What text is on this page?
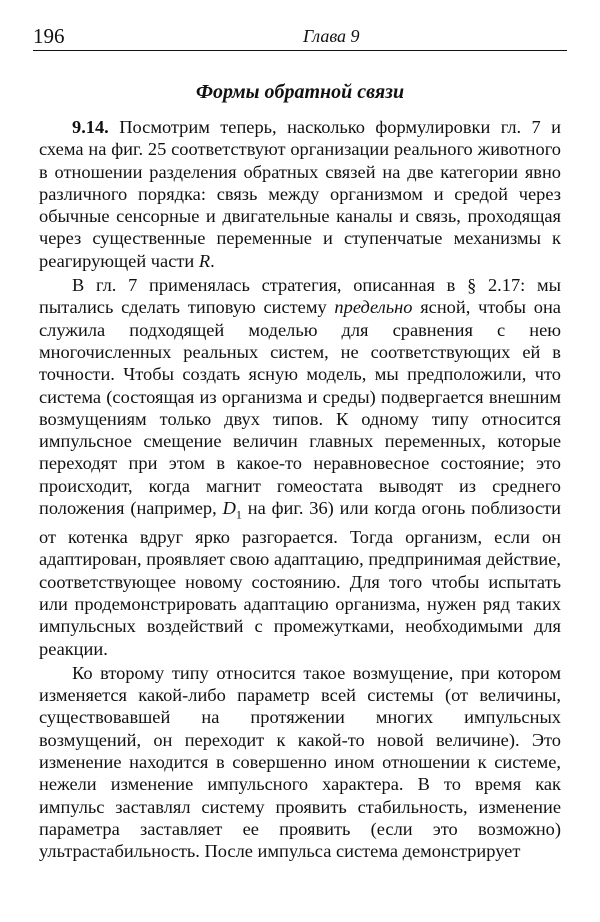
196	Глава 9
Формы обратной связи

9.14. Посмотрим теперь, насколько формулировки гл. 7 и схема на фиг. 25 соответствуют организации реального животного в отношении разделения обратных связей на две категории явно различного порядка: связь между организмом и средой через обычные сенсорные и двигательные каналы и связь, проходящая через существенные переменные и ступенчатые механизмы к реагирующей части R.

В гл. 7 применялась стратегия, описанная в § 2.17: мы пытались сделать типовую систему предельно ясной, чтобы она служила подходящей моделью для сравнения с нею многочисленных реальных систем, не соответствующих ей в точности. Чтобы создать ясную модель, мы предположили, что система (состоящая из организма и среды) подвергается внешним возмущениям только двух типов. К одному типу относится импульсное смещение величин главных переменных, которые переходят при этом в какое-то неравновесное состояние; это происходит, когда магнит гомеостата выводят из среднего положения (например, $D_1$ на фиг. 36) или когда огонь поблизости от котенка вдруг ярко разгорается. Тогда организм, если он адаптирован, проявляет свою адаптацию, предпринимая действие, соответствующее новому состоянию. Для того чтобы испытать или продемонстрировать адаптацию организма, нужен ряд таких импульсных воздействий с промежутками, необходимыми для реакции.

Ко второму типу относится такое возмущение, при котором изменяется какой-либо параметр всей системы (от величины, существовавшей на протяжении многих импульсных возмущений, он переходит к какой-то новой величине). Это изменение находится в совершенно ином отношении к системе, нежели изменение импульсного характера. В то время как импульс заставлял систему проявить стабильность, изменение параметра заставляет ее проявить (если это возможно) ультрастабильность. После импульса система демонстрирует
